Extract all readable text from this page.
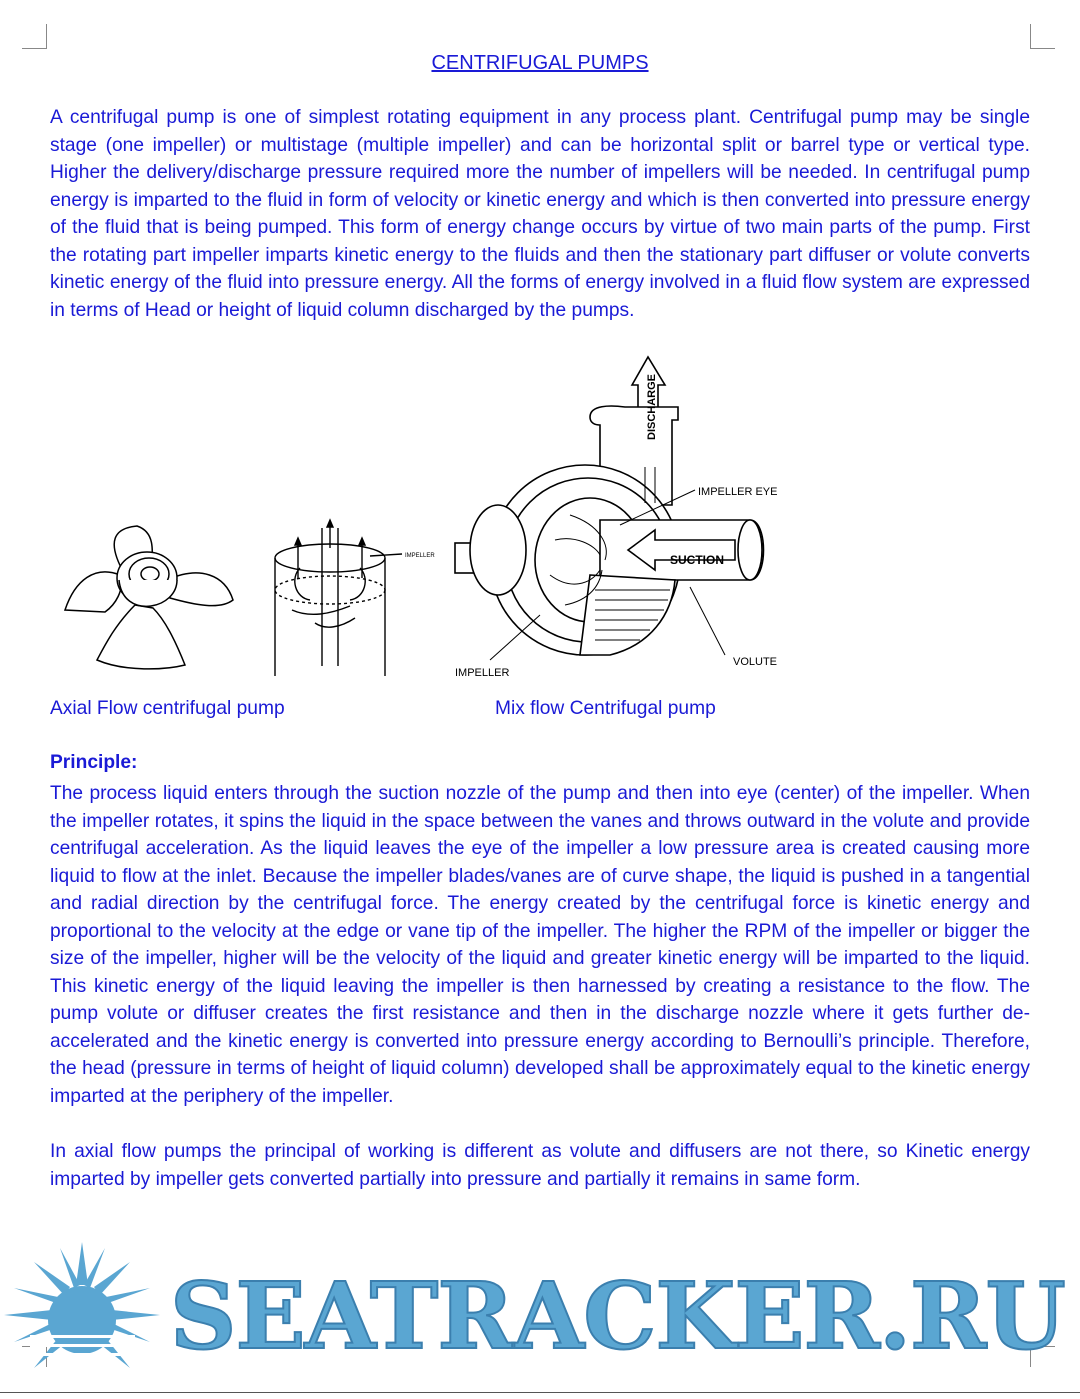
CENTRIFUGAL PUMPS

A centrifugal pump is one of simplest rotating equipment in any process plant. Centrifugal pump may be single stage (one impeller) or multistage (multiple impeller) and can be horizontal split or barrel type or vertical type. Higher the delivery/discharge pressure required more the number of impellers will be needed. In centrifugal pump energy is imparted to the fluid in form of velocity or kinetic energy and which is then converted into pressure energy of the fluid that is being pumped. This form of energy change occurs by virtue of two main parts of the pump. First the rotating part impeller imparts kinetic energy to the fluids and then the stationary part diffuser or volute converts kinetic energy of the fluid into pressure energy. All the forms of energy involved in a fluid flow system are expressed in terms of Head or height of liquid column discharged by the pumps.

IMPELLER
DISCHARGE
IMPELLER EYE
SUCTION
VOLUTE
IMPELLER
Axial Flow centrifugal pump	Mix flow Centrifugal pump
Principle:

The process liquid enters through the suction nozzle of the pump and then into eye (center) of the impeller. When the impeller rotates, it spins the liquid in the space between the vanes and throws outward in the volute and provide centrifugal acceleration. As the liquid leaves the eye of the impeller a low pressure area is created causing more liquid to flow at the inlet. Because the impeller blades/vanes are of curve shape, the liquid is pushed in a tangential and radial direction by the centrifugal force. The energy created by the centrifugal force is kinetic energy and proportional to the velocity at the edge or vane tip of the impeller. The higher the RPM of the impeller or bigger the size of the impeller, higher will be the velocity of the liquid and greater kinetic energy will be imparted to the liquid. This kinetic energy of the liquid leaving the impeller is then harnessed by creating a resistance to the flow. The pump volute or diffuser creates the first resistance and then in the discharge nozzle where it gets further de-accelerated and the kinetic energy is converted into pressure energy according to Bernoulli’s principle. Therefore, the head (pressure in terms of height of liquid column) developed shall be approximately equal to the kinetic energy imparted at the periphery of the impeller.

In axial flow pumps the principal of working is different as volute and diffusers are not there, so Kinetic energy imparted by impeller gets converted partially into pressure and partially it remains in same form.

SEATRACKER.RU
